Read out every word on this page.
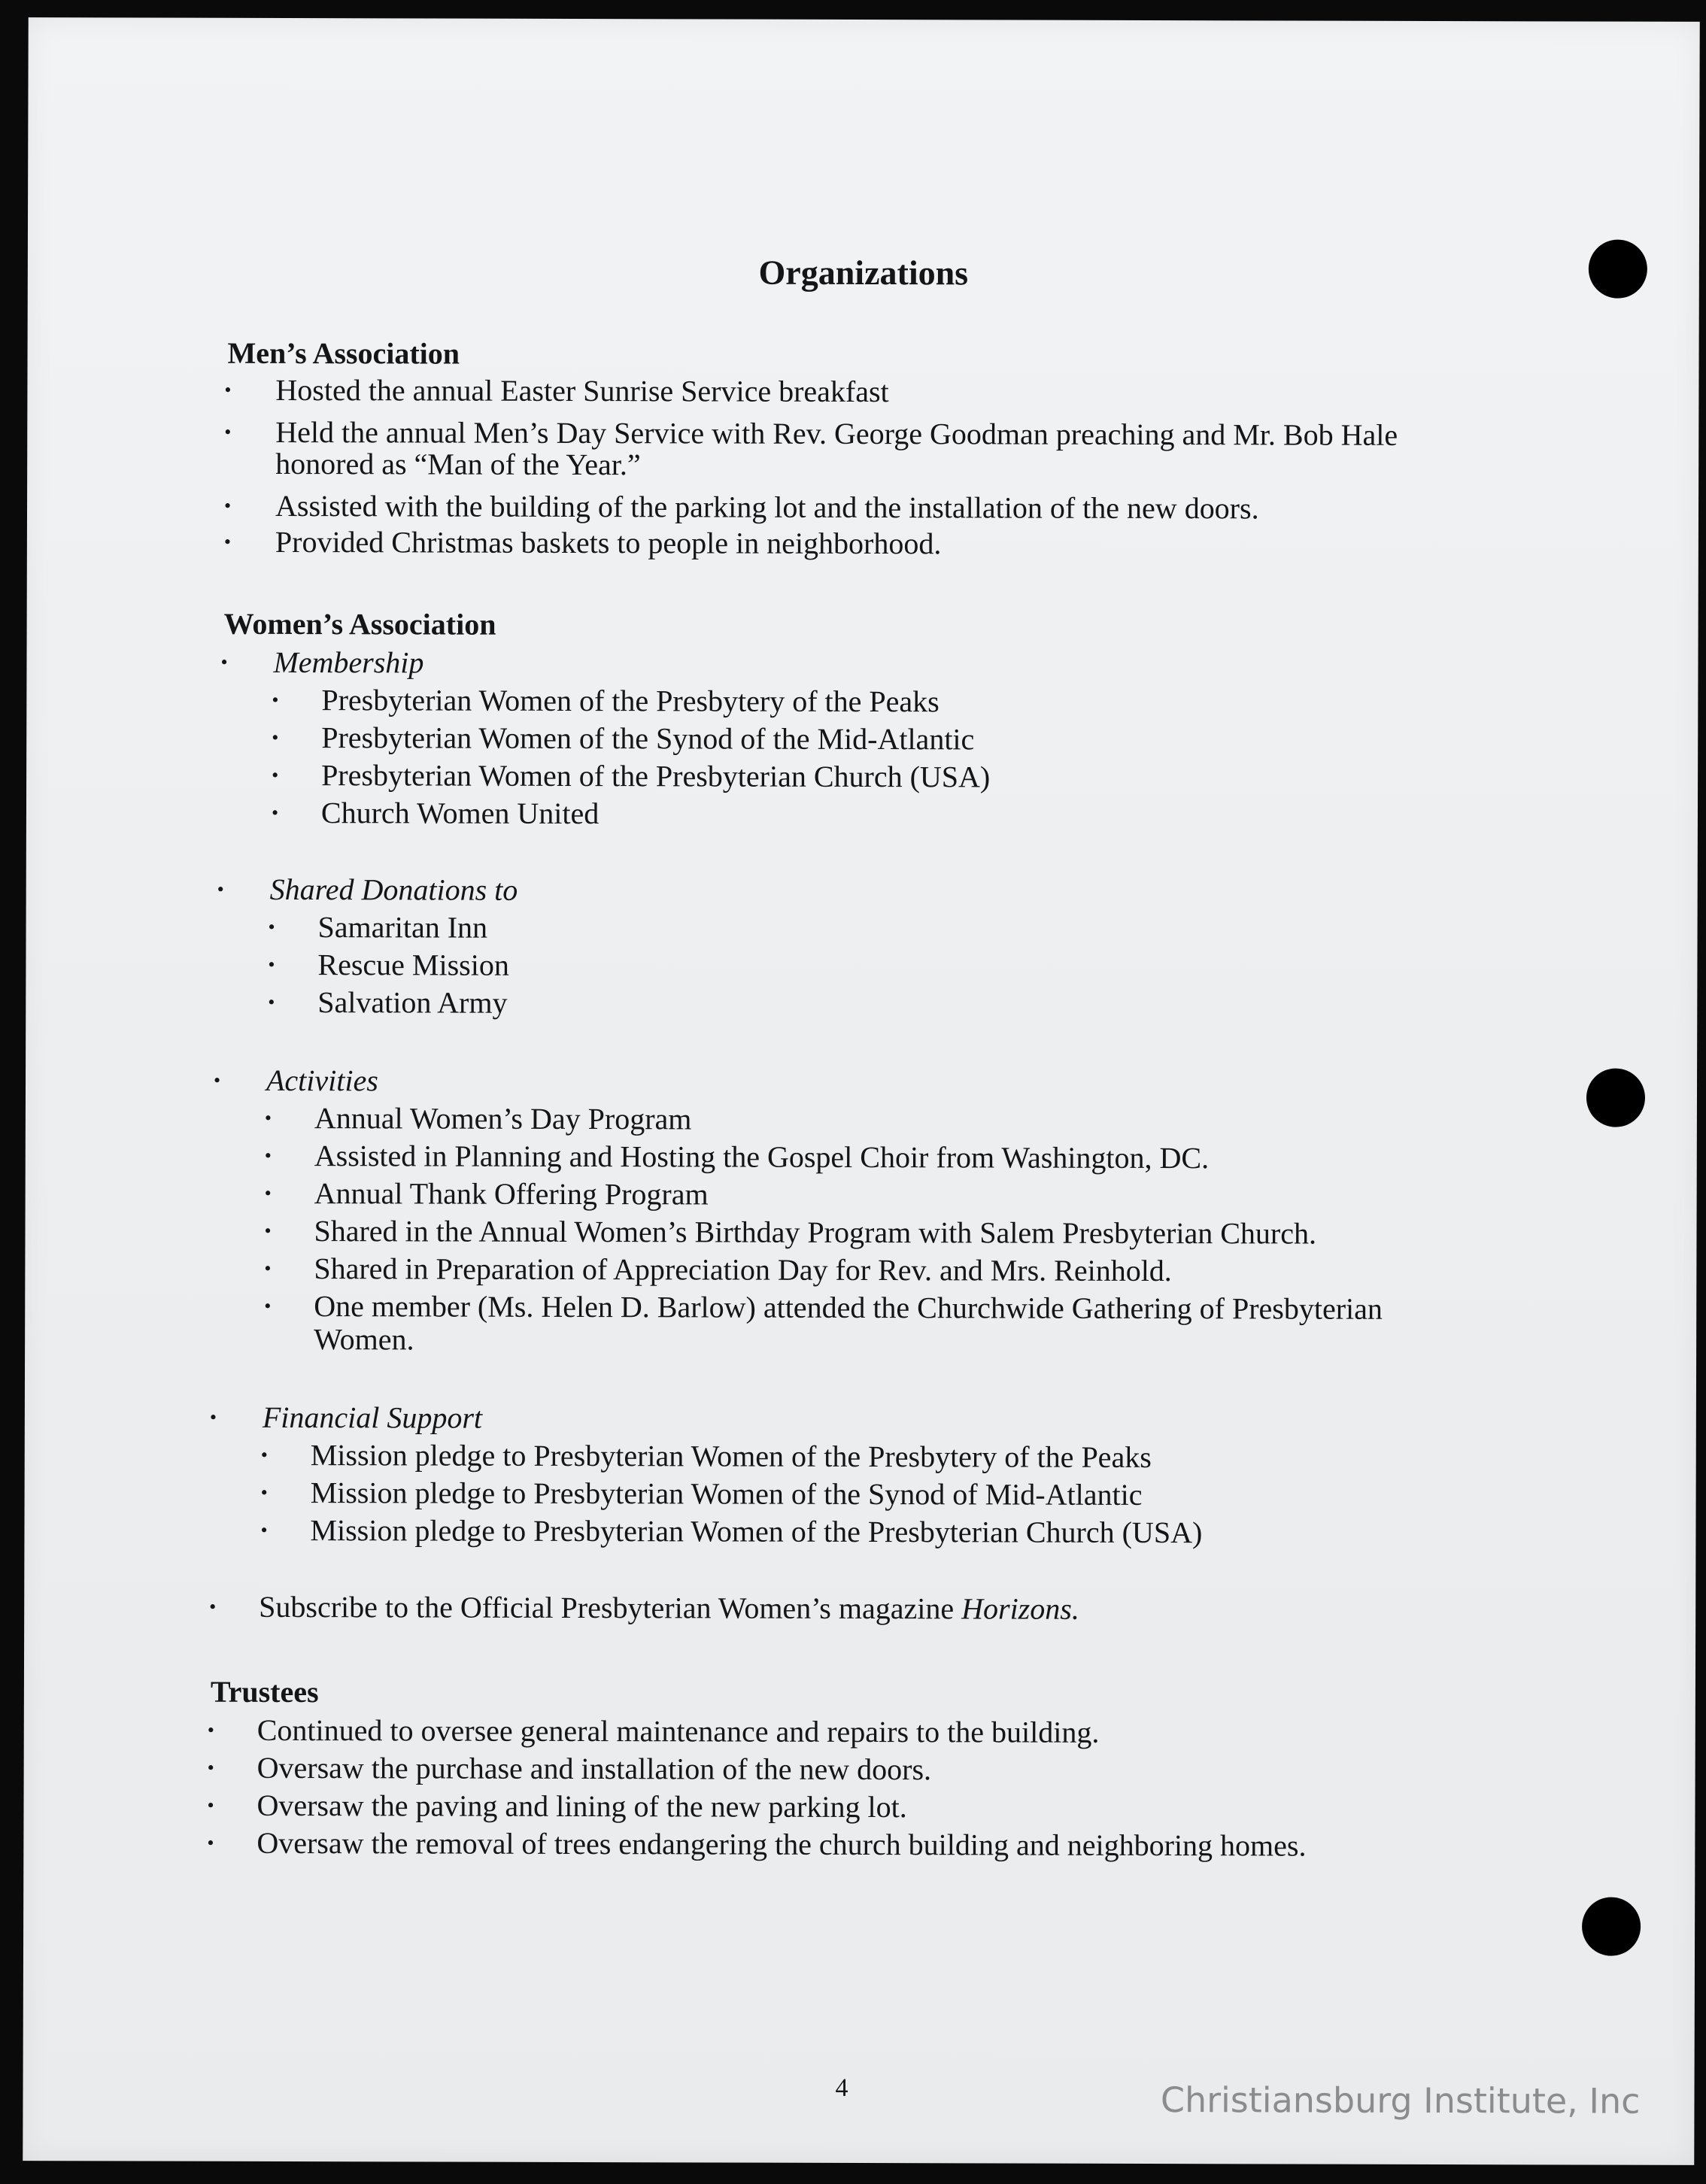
Organizations
Men’s Association
• Hosted the annual Easter Sunrise Service breakfast
• Held the annual Men’s Day Service with Rev. George Goodman preaching and Mr. Bob Hale
honored as “Man of the Year.”
• Assisted with the building of the parking lot and the installation of the new doors.
• Provided Christmas baskets to people in neighborhood.
Women’s Association
• Membership
• Presbyterian Women of the Presbytery of the Peaks
• Presbyterian Women of the Synod of the Mid-Atlantic
• Presbyterian Women of the Presbyterian Church (USA)
• Church Women United
• Shared Donations to
• Samaritan Inn
• Rescue Mission
• Salvation Army
• Activities
• Annual Women’s Day Program
• Assisted in Planning and Hosting the Gospel Choir from Washington, DC.
• Annual Thank Offering Program
• Shared in the Annual Women’s Birthday Program with Salem Presbyterian Church.
• Shared in Preparation of Appreciation Day for Rev. and Mrs. Reinhold.
• One member (Ms. Helen D. Barlow) attended the Churchwide Gathering of Presbyterian
Women.
• Financial Support
• Mission pledge to Presbyterian Women of the Presbytery of the Peaks
• Mission pledge to Presbyterian Women of the Synod of Mid-Atlantic
• Mission pledge to Presbyterian Women of the Presbyterian Church (USA)
• Subscribe to the Official Presbyterian Women’s magazine Horizons.
Trustees
• Continued to oversee general maintenance and repairs to the building.
• Oversaw the purchase and installation of the new doors.
• Oversaw the paving and lining of the new parking lot.
• Oversaw the removal of trees endangering the church building and neighboring homes.
4	Christiansburg Institute, Inc
